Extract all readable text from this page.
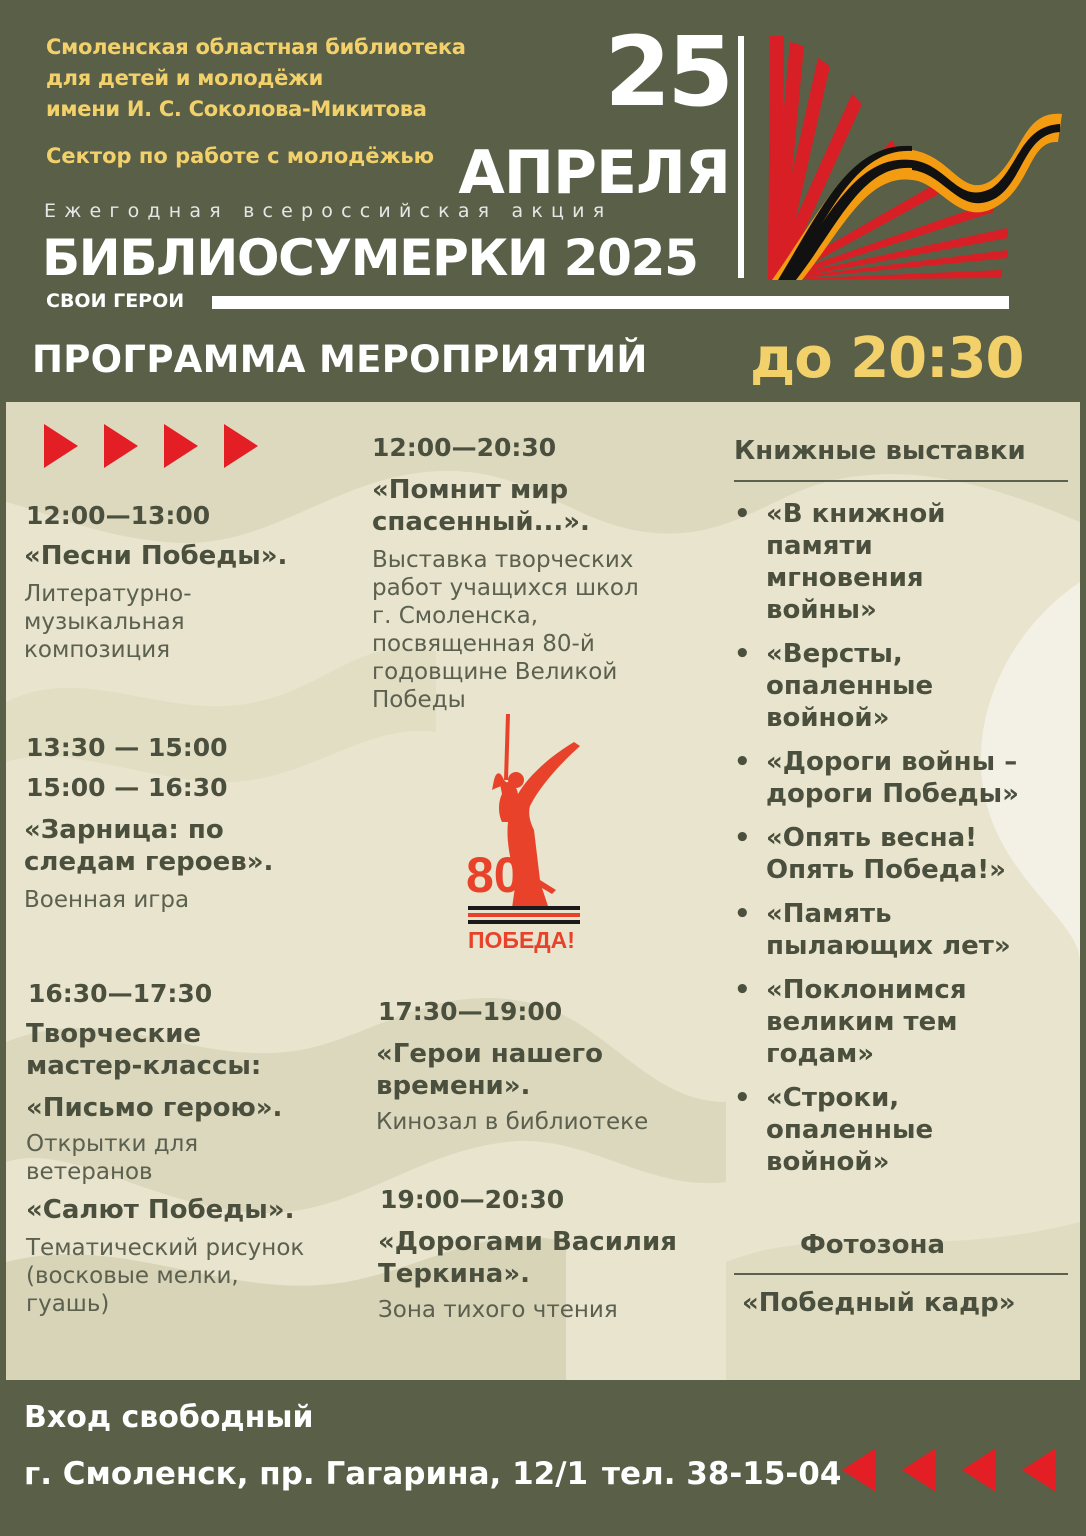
Смоленская областная библиотека
для детей и молодёжи
имени И. С. Соколова-Микитова
Сектор по работе с молодёжью
25
АПРЕЛЯ
Ежегодная всероссийская акция
БИБЛИОСУМЕРКИ 2025
СВОИ ГЕРОИ
ПРОГРАММА МЕРОПРИЯТИЙ до 20:30
12:00—13:00
«Песни Победы».
Литературно-
музыкальная
композиция
13:30 — 15:00
15:00 — 16:30
«Зарница: по
следам героев».
Военная игра
16:30—17:30
Творческие
мастер-классы:
«Письмо герою».
Открытки для
ветеранов
«Салют Победы».
Тематический рисунок
(восковые мелки,
гуашь)
12:00—20:30
«Помнит мир
спасенный...».
Выставка творческих
работ учащихся школ
г. Смоленска,
посвященная 80-й
годовщине Великой
Победы
80
ПОБЕДА!
17:30—19:00
«Герои нашего
времени».
Кинозал в библиотеке
19:00—20:30
«Дорогами Василия
Теркина».
Зона тихого чтения
Книжные выставки
• «В книжной
памяти
мгновения
войны»
• «Версты,
опаленные
войной»
• «Дороги войны –
дороги Победы»
• «Опять весна!
Опять Победа!»
• «Память
пылающих лет»
• «Поклонимся
великим тем
годам»
• «Строки,
опаленные
войной»
Фотозона
«Победный кадр»
Вход свободный
г. Смоленск, пр. Гагарина, 12/1 тел. 38-15-04
